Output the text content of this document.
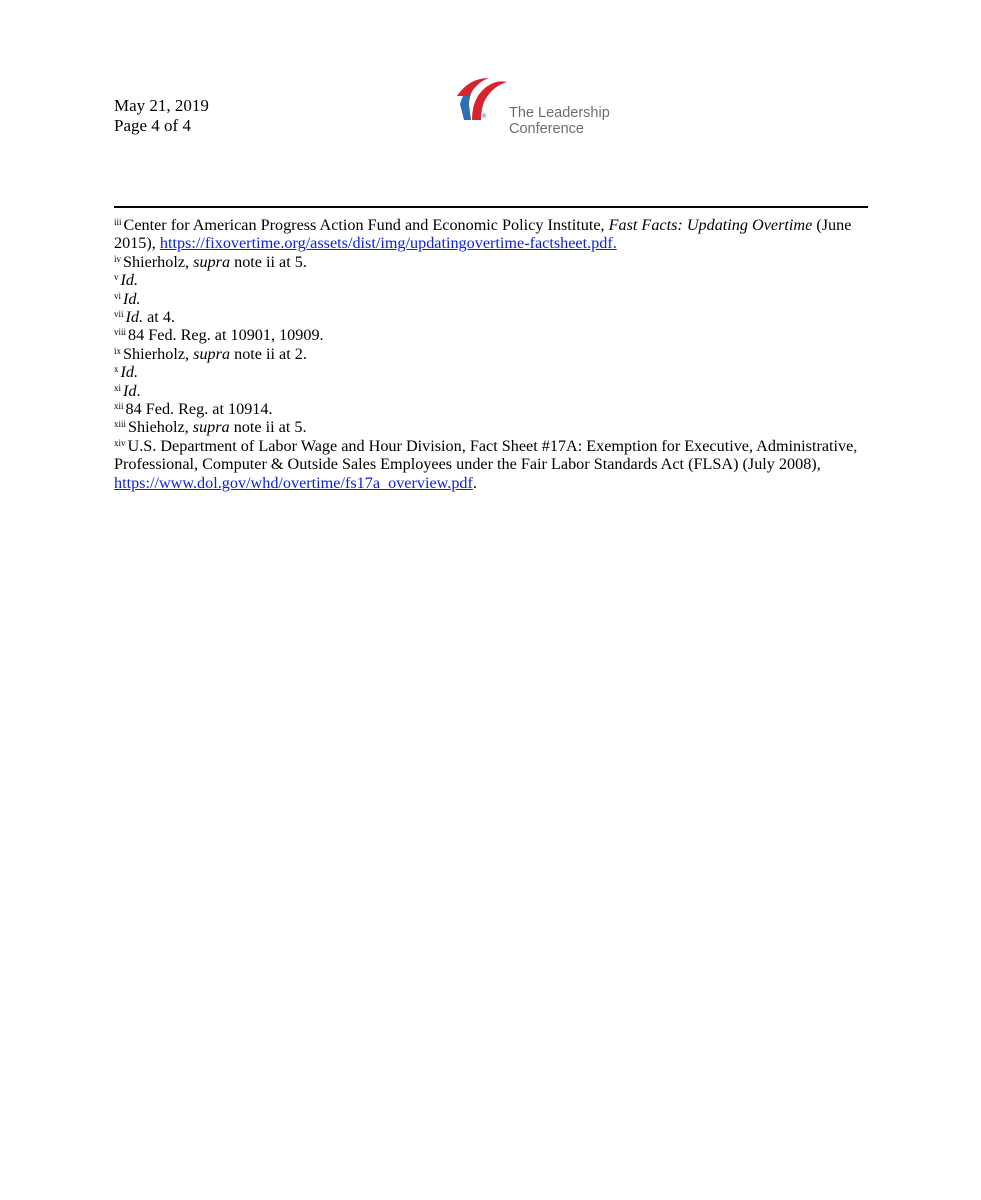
May 21, 2019
Page 4 of 4	® The Leadership
Conference

$^{iii}$ Center for American Progress Action Fund and Economic Policy Institute, Fast Facts: Updating Overtime (June 2015), https://fixovertime.org/assets/dist/img/updatingovertime-factsheet.pdf.

$^{iv}$ Shierholz, supra note ii at 5.

$^v$ Id.

$^{vi}$ Id.

$^{vii}$ Id. at 4.

$^{viii}$ 84 Fed. Reg. at 10901, 10909.

$^{ix}$ Shierholz, supra note ii at 2.

$^x$ Id.

$^{xi}$ Id.

$^{xii}$ 84 Fed. Reg. at 10914.

$^{xiii}$ Shieholz, supra note ii at 5.

$^{xiv}$ U.S. Department of Labor Wage and Hour Division, Fact Sheet #17A: Exemption for Executive, Administrative, Professional, Computer & Outside Sales Employees under the Fair Labor Standards Act (FLSA) (July 2008), https://www.dol.gov/whd/overtime/fs17a_overview.pdf.
